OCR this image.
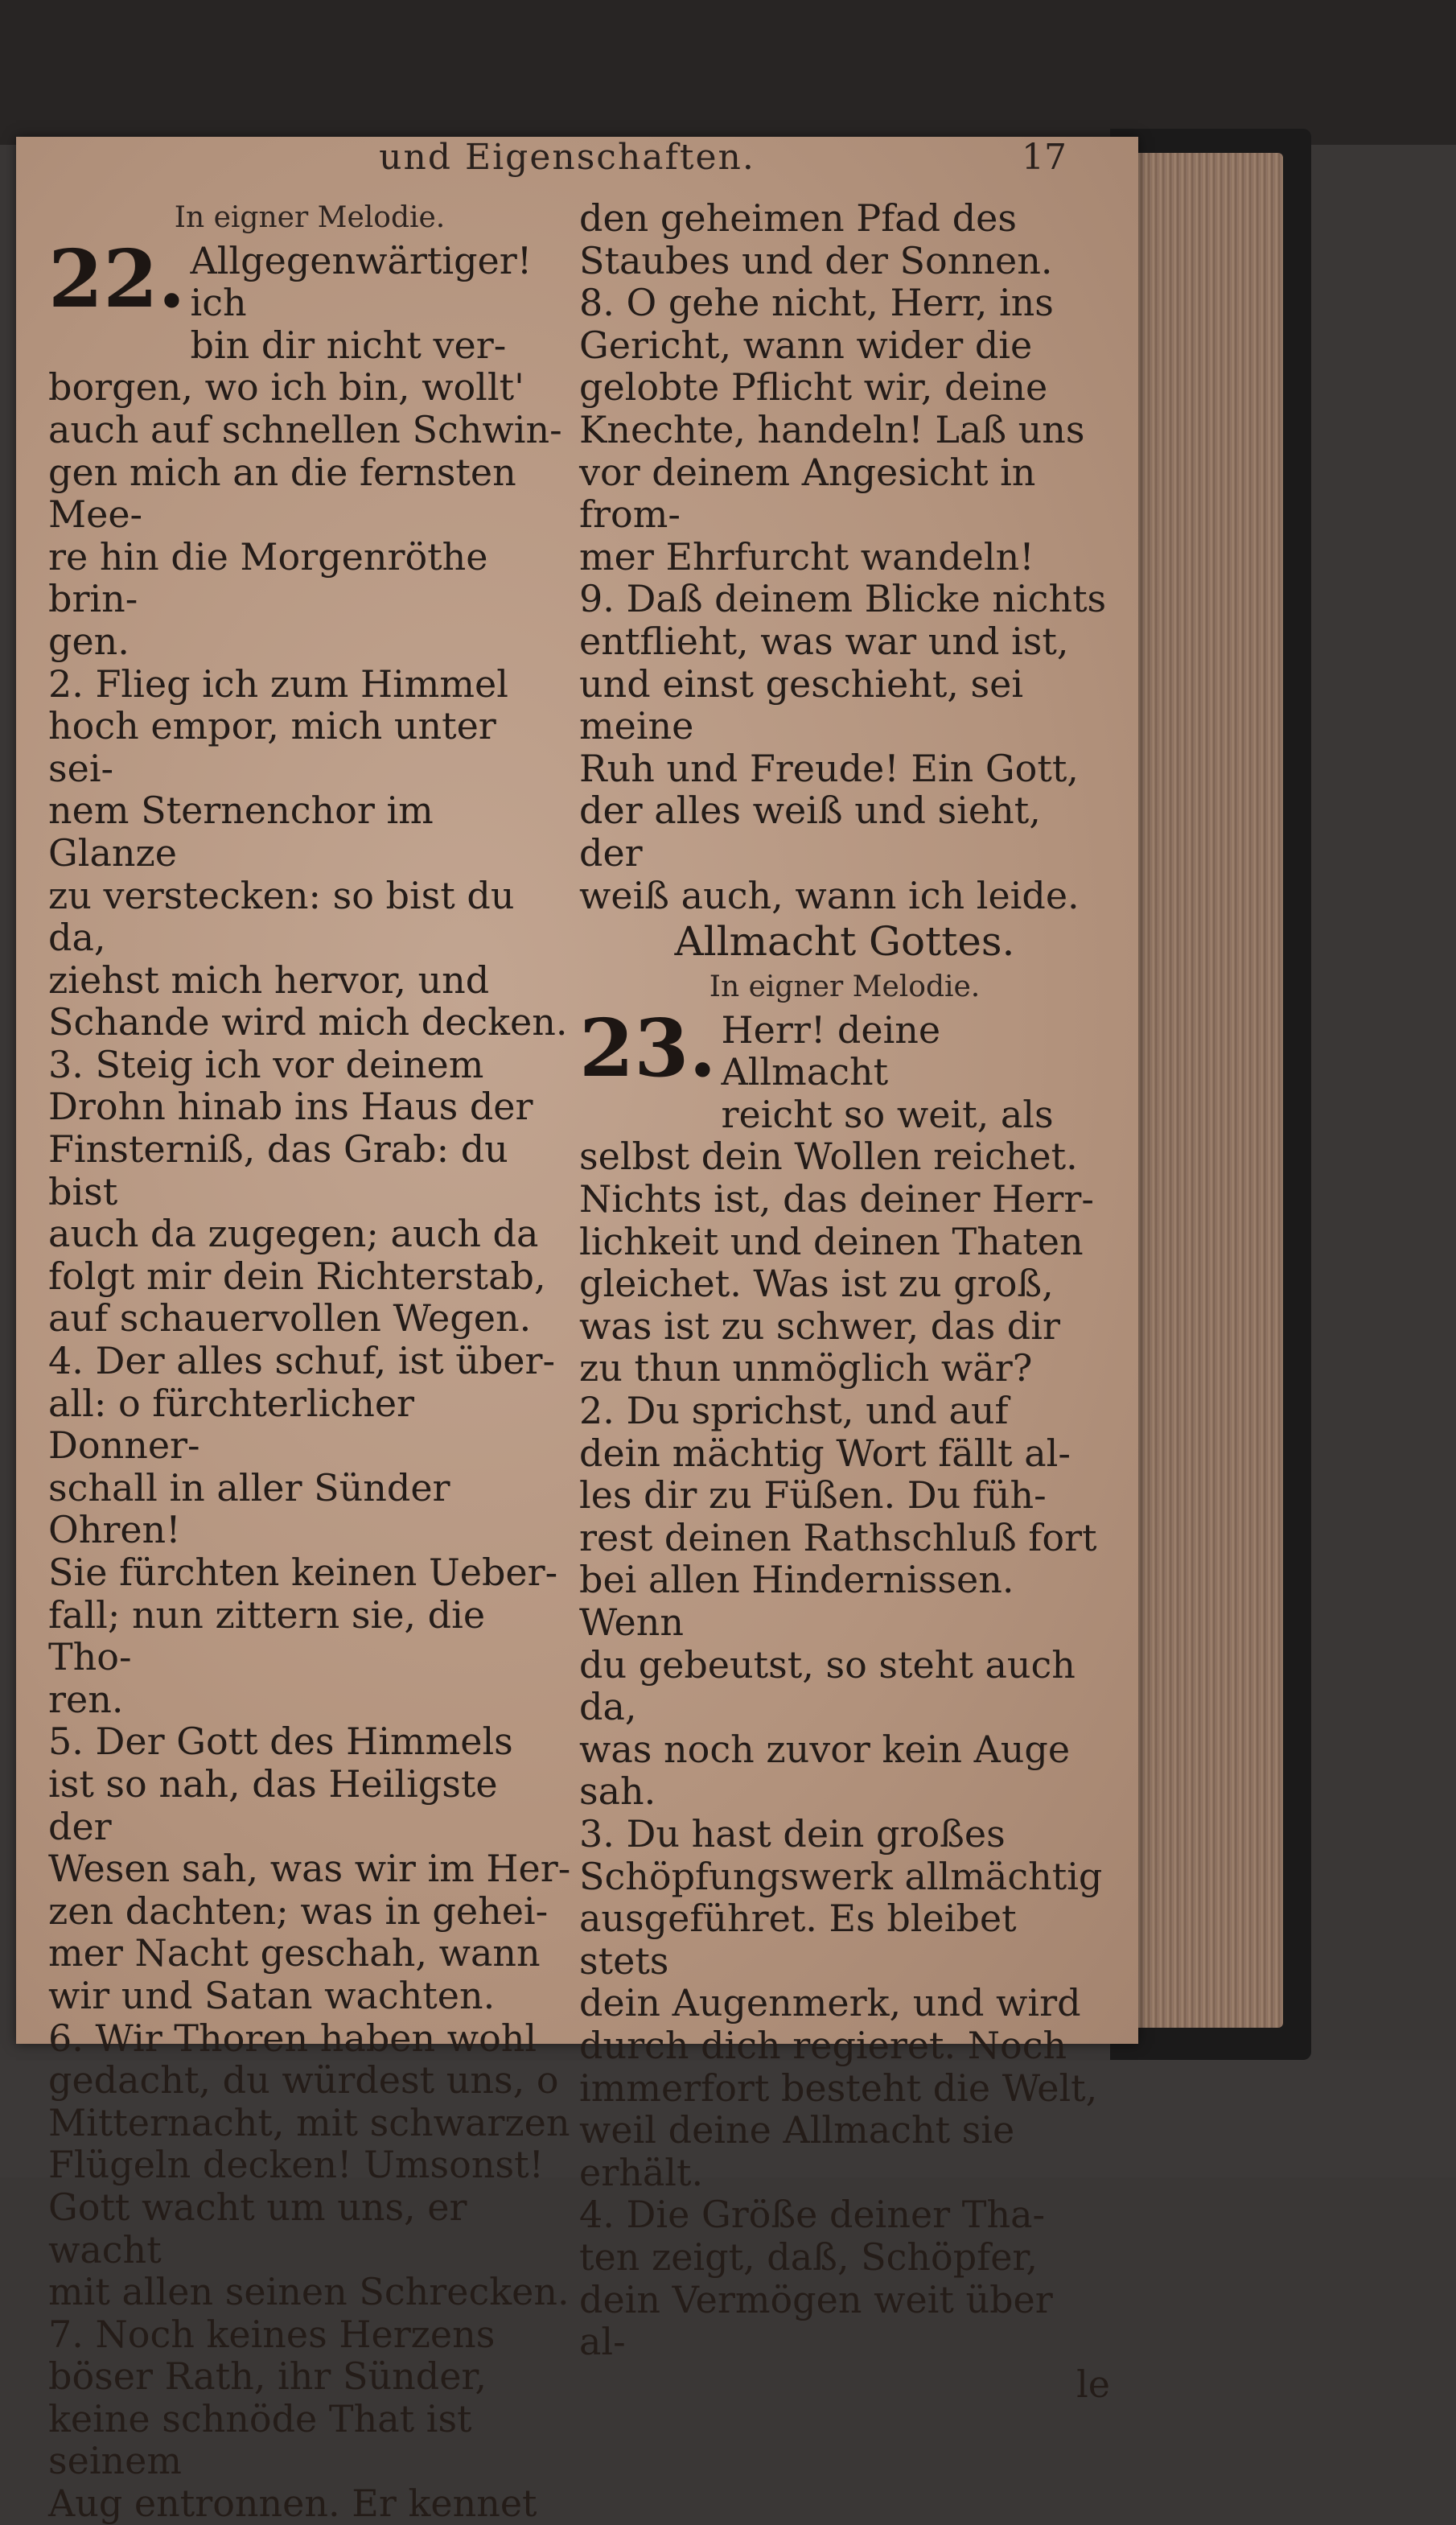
und Eigenschaften.	17

In eigner Melodie.

22. Allgegenwärtiger! ich

bin dir nicht ver-

borgen, wo ich bin, wollt'

auch auf schnellen Schwin-

gen mich an die fernsten Mee-

re hin die Morgenröthe brin-

gen.

2. Flieg ich zum Himmel

hoch empor, mich unter sei-

nem Sternenchor im Glanze

zu verstecken: so bist du da,

ziehst mich hervor, und

Schande wird mich decken.

3. Steig ich vor deinem

Drohn hinab ins Haus der

Finsterniß, das Grab: du bist

auch da zugegen; auch da

folgt mir dein Richterstab,

auf schauervollen Wegen.

4. Der alles schuf, ist über-

all: o fürchterlicher Donner-

schall in aller Sünder Ohren!

Sie fürchten keinen Ueber-

fall; nun zittern sie, die Tho-

ren.

5. Der Gott des Himmels

ist so nah, das Heiligste der

Wesen sah, was wir im Her-

zen dachten; was in gehei-

mer Nacht geschah, wann

wir und Satan wachten.

6. Wir Thoren haben wohl

gedacht, du würdest uns, o

Mitternacht, mit schwarzen

Flügeln decken! Umsonst!

Gott wacht um uns, er wacht

mit allen seinen Schrecken.

7. Noch keines Herzens

böser Rath, ihr Sünder,

keine schnöde That ist seinem

Aug entronnen. Er kennet

den geheimen Pfad des

Staubes und der Sonnen.

8. O gehe nicht, Herr, ins

Gericht, wann wider die

gelobte Pflicht wir, deine

Knechte, handeln! Laß uns

vor deinem Angesicht in from-

mer Ehrfurcht wandeln!

9. Daß deinem Blicke nichts

entflieht, was war und ist,

und einst geschieht, sei meine

Ruh und Freude! Ein Gott,

der alles weiß und sieht, der

weiß auch, wann ich leide.

Allmacht Gottes.

In eigner Melodie.

23. Herr! deine Allmacht

reicht so weit, als

selbst dein Wollen reichet.

Nichts ist, das deiner Herr-

lichkeit und deinen Thaten

gleichet. Was ist zu groß,

was ist zu schwer, das dir

zu thun unmöglich wär?

2. Du sprichst, und auf

dein mächtig Wort fällt al-

les dir zu Füßen. Du füh-

rest deinen Rathschluß fort

bei allen Hindernissen. Wenn

du gebeutst, so steht auch da,

was noch zuvor kein Auge sah.

3. Du hast dein großes

Schöpfungswerk allmächtig

ausgeführet. Es bleibet stets

dein Augenmerk, und wird

durch dich regieret. Noch

immerfort besteht die Welt,

weil deine Allmacht sie erhält.

4. Die Größe deiner Tha-

ten zeigt, daß, Schöpfer,

dein Vermögen weit über al-

le
